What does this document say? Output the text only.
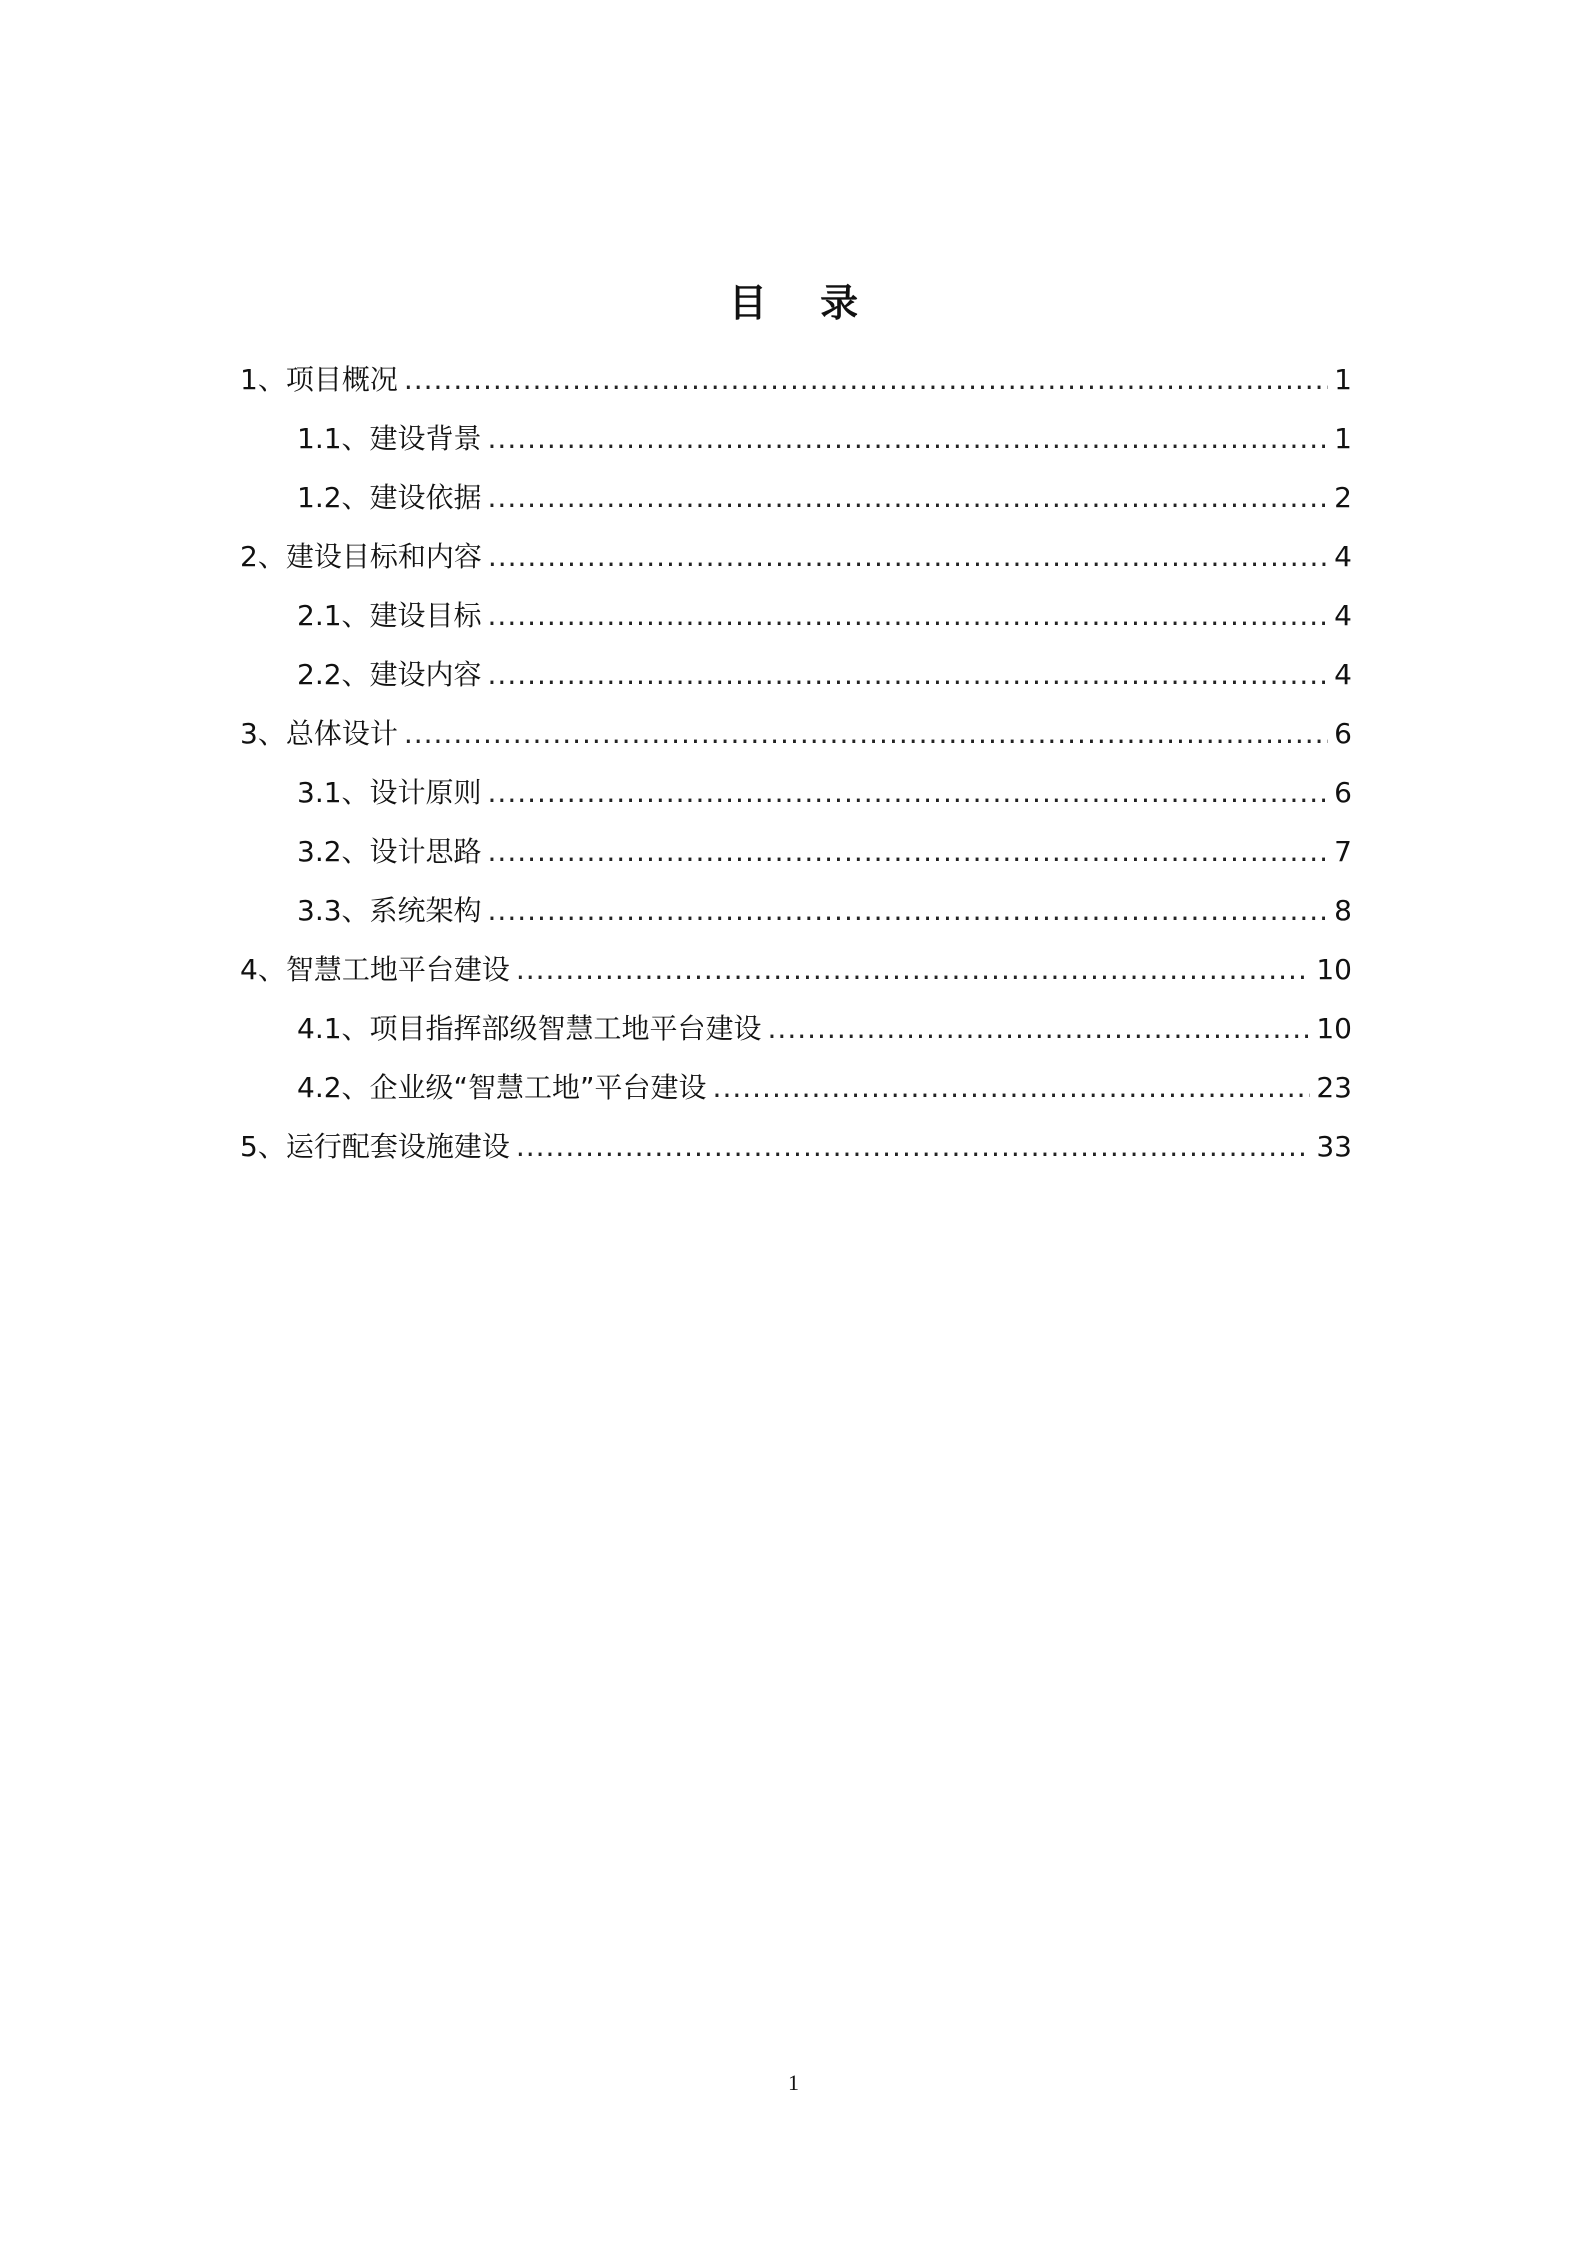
目 录
1、项目概况 .....	1
1.1、建设背景 .....	1
1.2、建设依据 .....	2
2、建设目标和内容 .....	4
2.1、建设目标 .....	4
2.2、建设内容 .....	4
3、总体设计 .....	6
3.1、设计原则 .....	6
3.2、设计思路 .....	7
3.3、系统架构 .....	8
4、智慧工地平台建设 .....	10
4.1、项目指挥部级智慧工地平台建设 .....	10
4.2、企业级“智慧工地”平台建设 .....	23
5、运行配套设施建设 .....	33
1
